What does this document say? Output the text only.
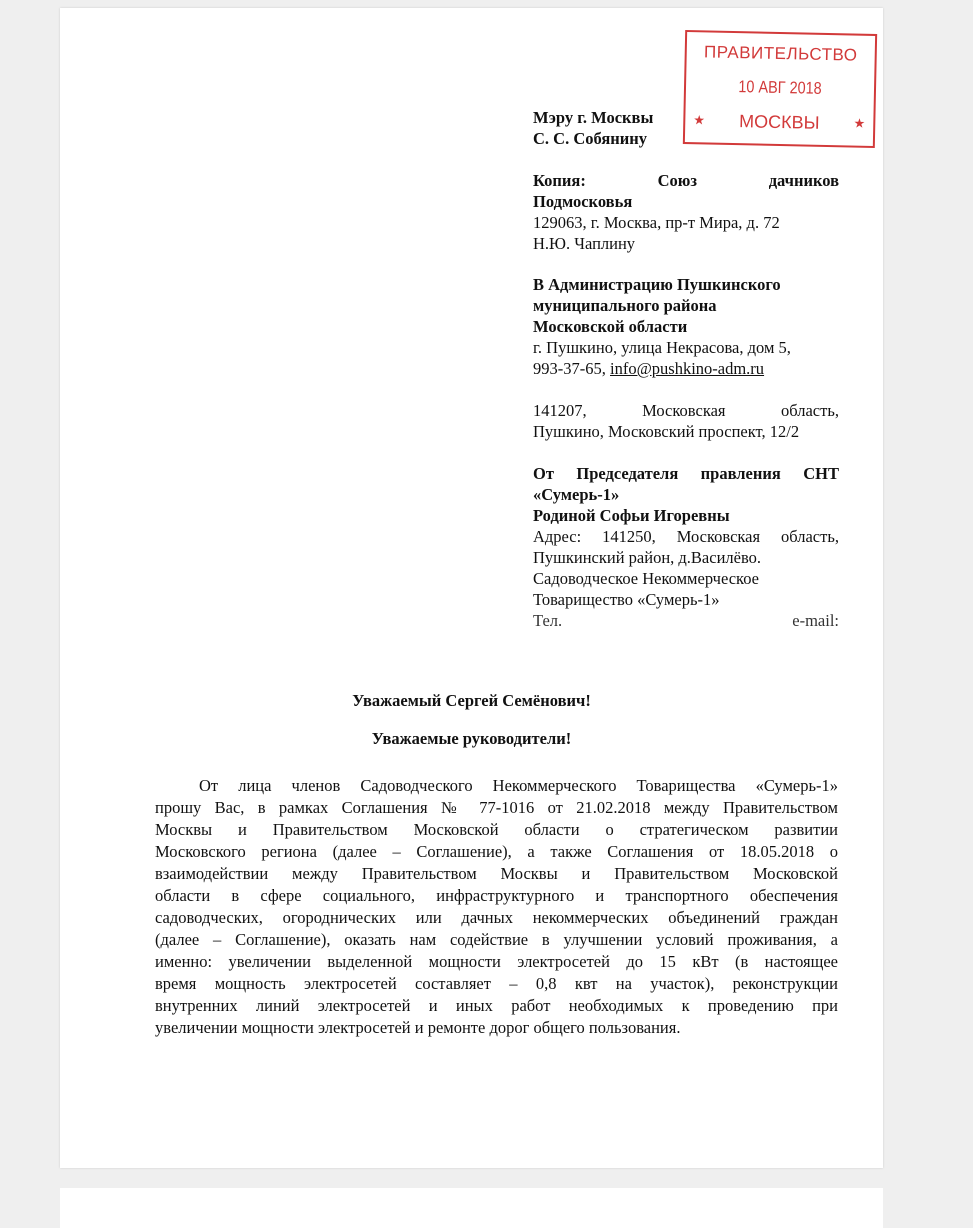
ПРАВИТЕЛЬСТВО
10 АВГ 2018
МОСКВЫ
★	★
Мэру г. Москвы
С. С. Собянину
Копия:	Союз	дачников
Подмосковья
129063, г. Москва, пр-т Мира, д. 72
Н.Ю. Чаплину
В Администрацию Пушкинского
муниципального района
Московской области
г. Пушкино, улица Некрасова, дом 5,
993-37-65, info@pushkino-adm.ru
141207,	Московская	область,
Пушкино, Московский проспект, 12/2
От Председателя правления СНТ
«Сумерь-1»
Родиной Софьи Игоревны
Адрес: 141250, Московская область,
Пушкинский район, д.Василёво.
Садоводческое Некоммерческое
Товарищество «Сумерь-1»
Тел.	e-mail:
Уважаемый Сергей Семёнович!
Уважаемые руководители!
От лица членов Садоводческого Некоммерческого Товарищества «Сумерь-1»
прошу Вас, в рамках Соглашения № 77-1016 от 21.02.2018 между Правительством
Москвы и Правительством Московской области о стратегическом развитии
Московского региона (далее – Соглашение), а также Соглашения от 18.05.2018 о
взаимодействии между Правительством Москвы и Правительством Московской
области в сфере социального, инфраструктурного и транспортного обеспечения
садоводческих, огороднических или дачных некоммерческих объединений граждан
(далее – Соглашение), оказать нам содействие в улучшении условий проживания, а
именно: увеличении выделенной мощности электросетей до 15 кВт (в настоящее
время мощность электросетей составляет – 0,8 квт на участок), реконструкции
внутренних линий электросетей и иных работ необходимых к проведению при
увеличении мощности электросетей и ремонте дорог общего пользования.
